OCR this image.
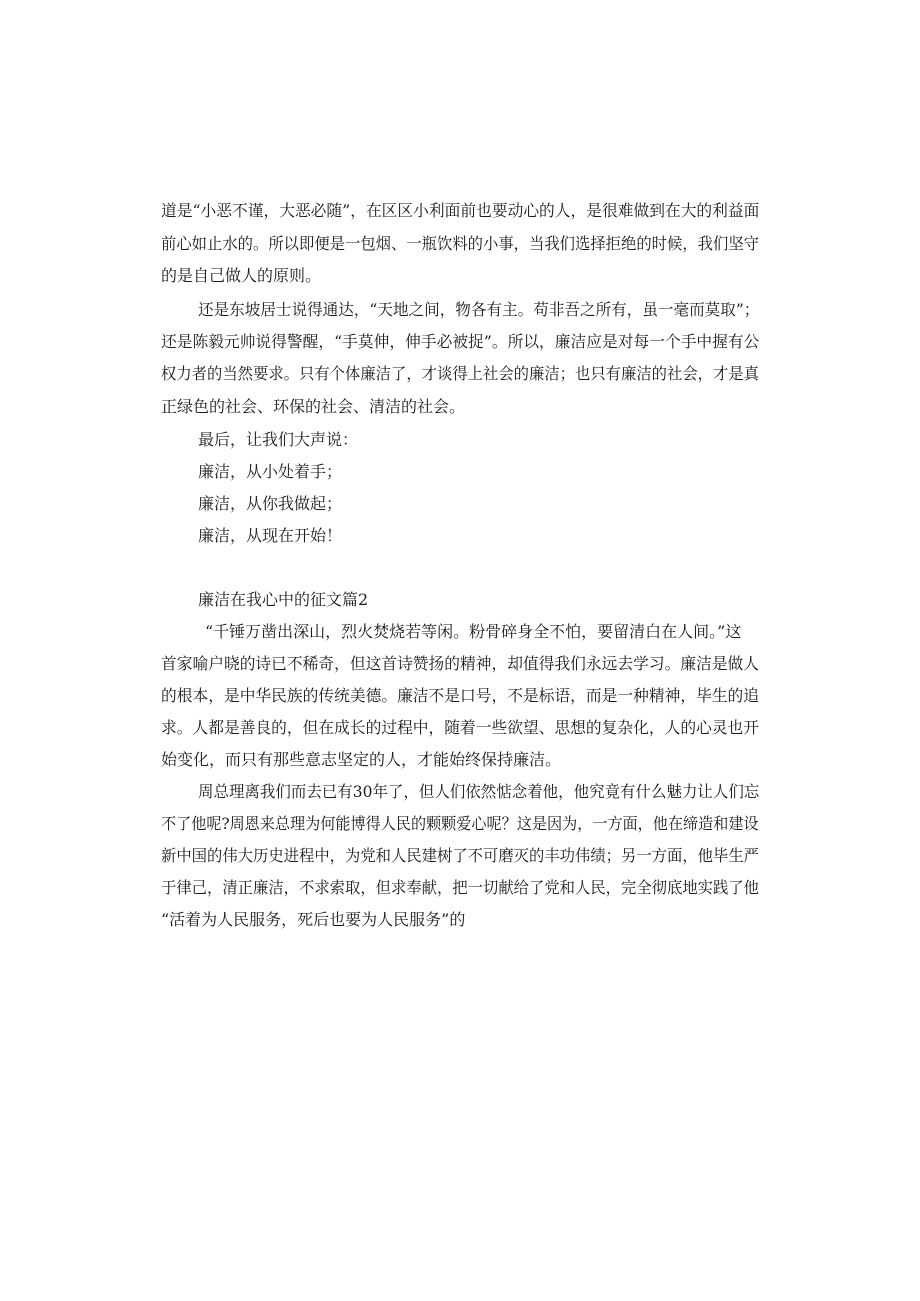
道是“小恶不谨，大恶必随”，在区区小利面前也要动心的人，是很难做到在大的利益面
前心如止水的。所以即便是一包烟、一瓶饮料的小事，当我们选择拒绝的时候，我们坚守
的是自己做人的原则。
还是东坡居士说得通达，“天地之间，物各有主。苟非吾之所有，虽一毫而莫取”；
还是陈毅元帅说得警醒，“手莫伸，伸手必被捉”。所以，廉洁应是对每一个手中握有公
权力者的当然要求。只有个体廉洁了，才谈得上社会的廉洁；也只有廉洁的社会，才是真
正绿色的社会、环保的社会、清洁的社会。
最后，让我们大声说：
廉洁，从小处着手；
廉洁，从你我做起；
廉洁，从现在开始！
廉洁在我心中的征文篇2
“千锤万凿出深山，烈火焚烧若等闲。粉骨碎身全不怕，要留清白在人间。”这
首家喻户晓的诗已不稀奇，但这首诗赞扬的精神，却值得我们永远去学习。廉洁是做人
的根本，是中华民族的传统美德。廉洁不是口号，不是标语，而是一种精神，毕生的追
求。人都是善良的，但在成长的过程中，随着一些欲望、思想的复杂化，人的心灵也开
始变化，而只有那些意志坚定的人，才能始终保持廉洁。
周总理离我们而去已有30年了，但人们依然惦念着他，他究竟有什么魅力让人们忘
不了他呢?周恩来总理为何能博得人民的颗颗爱心呢？这是因为，一方面，他在缔造和建设
新中国的伟大历史进程中，为党和人民建树了不可磨灭的丰功伟绩；另一方面，他毕生严
于律己，清正廉洁，不求索取，但求奉献，把一切献给了党和人民，完全彻底地实践了他
“活着为人民服务，死后也要为人民服务”的
